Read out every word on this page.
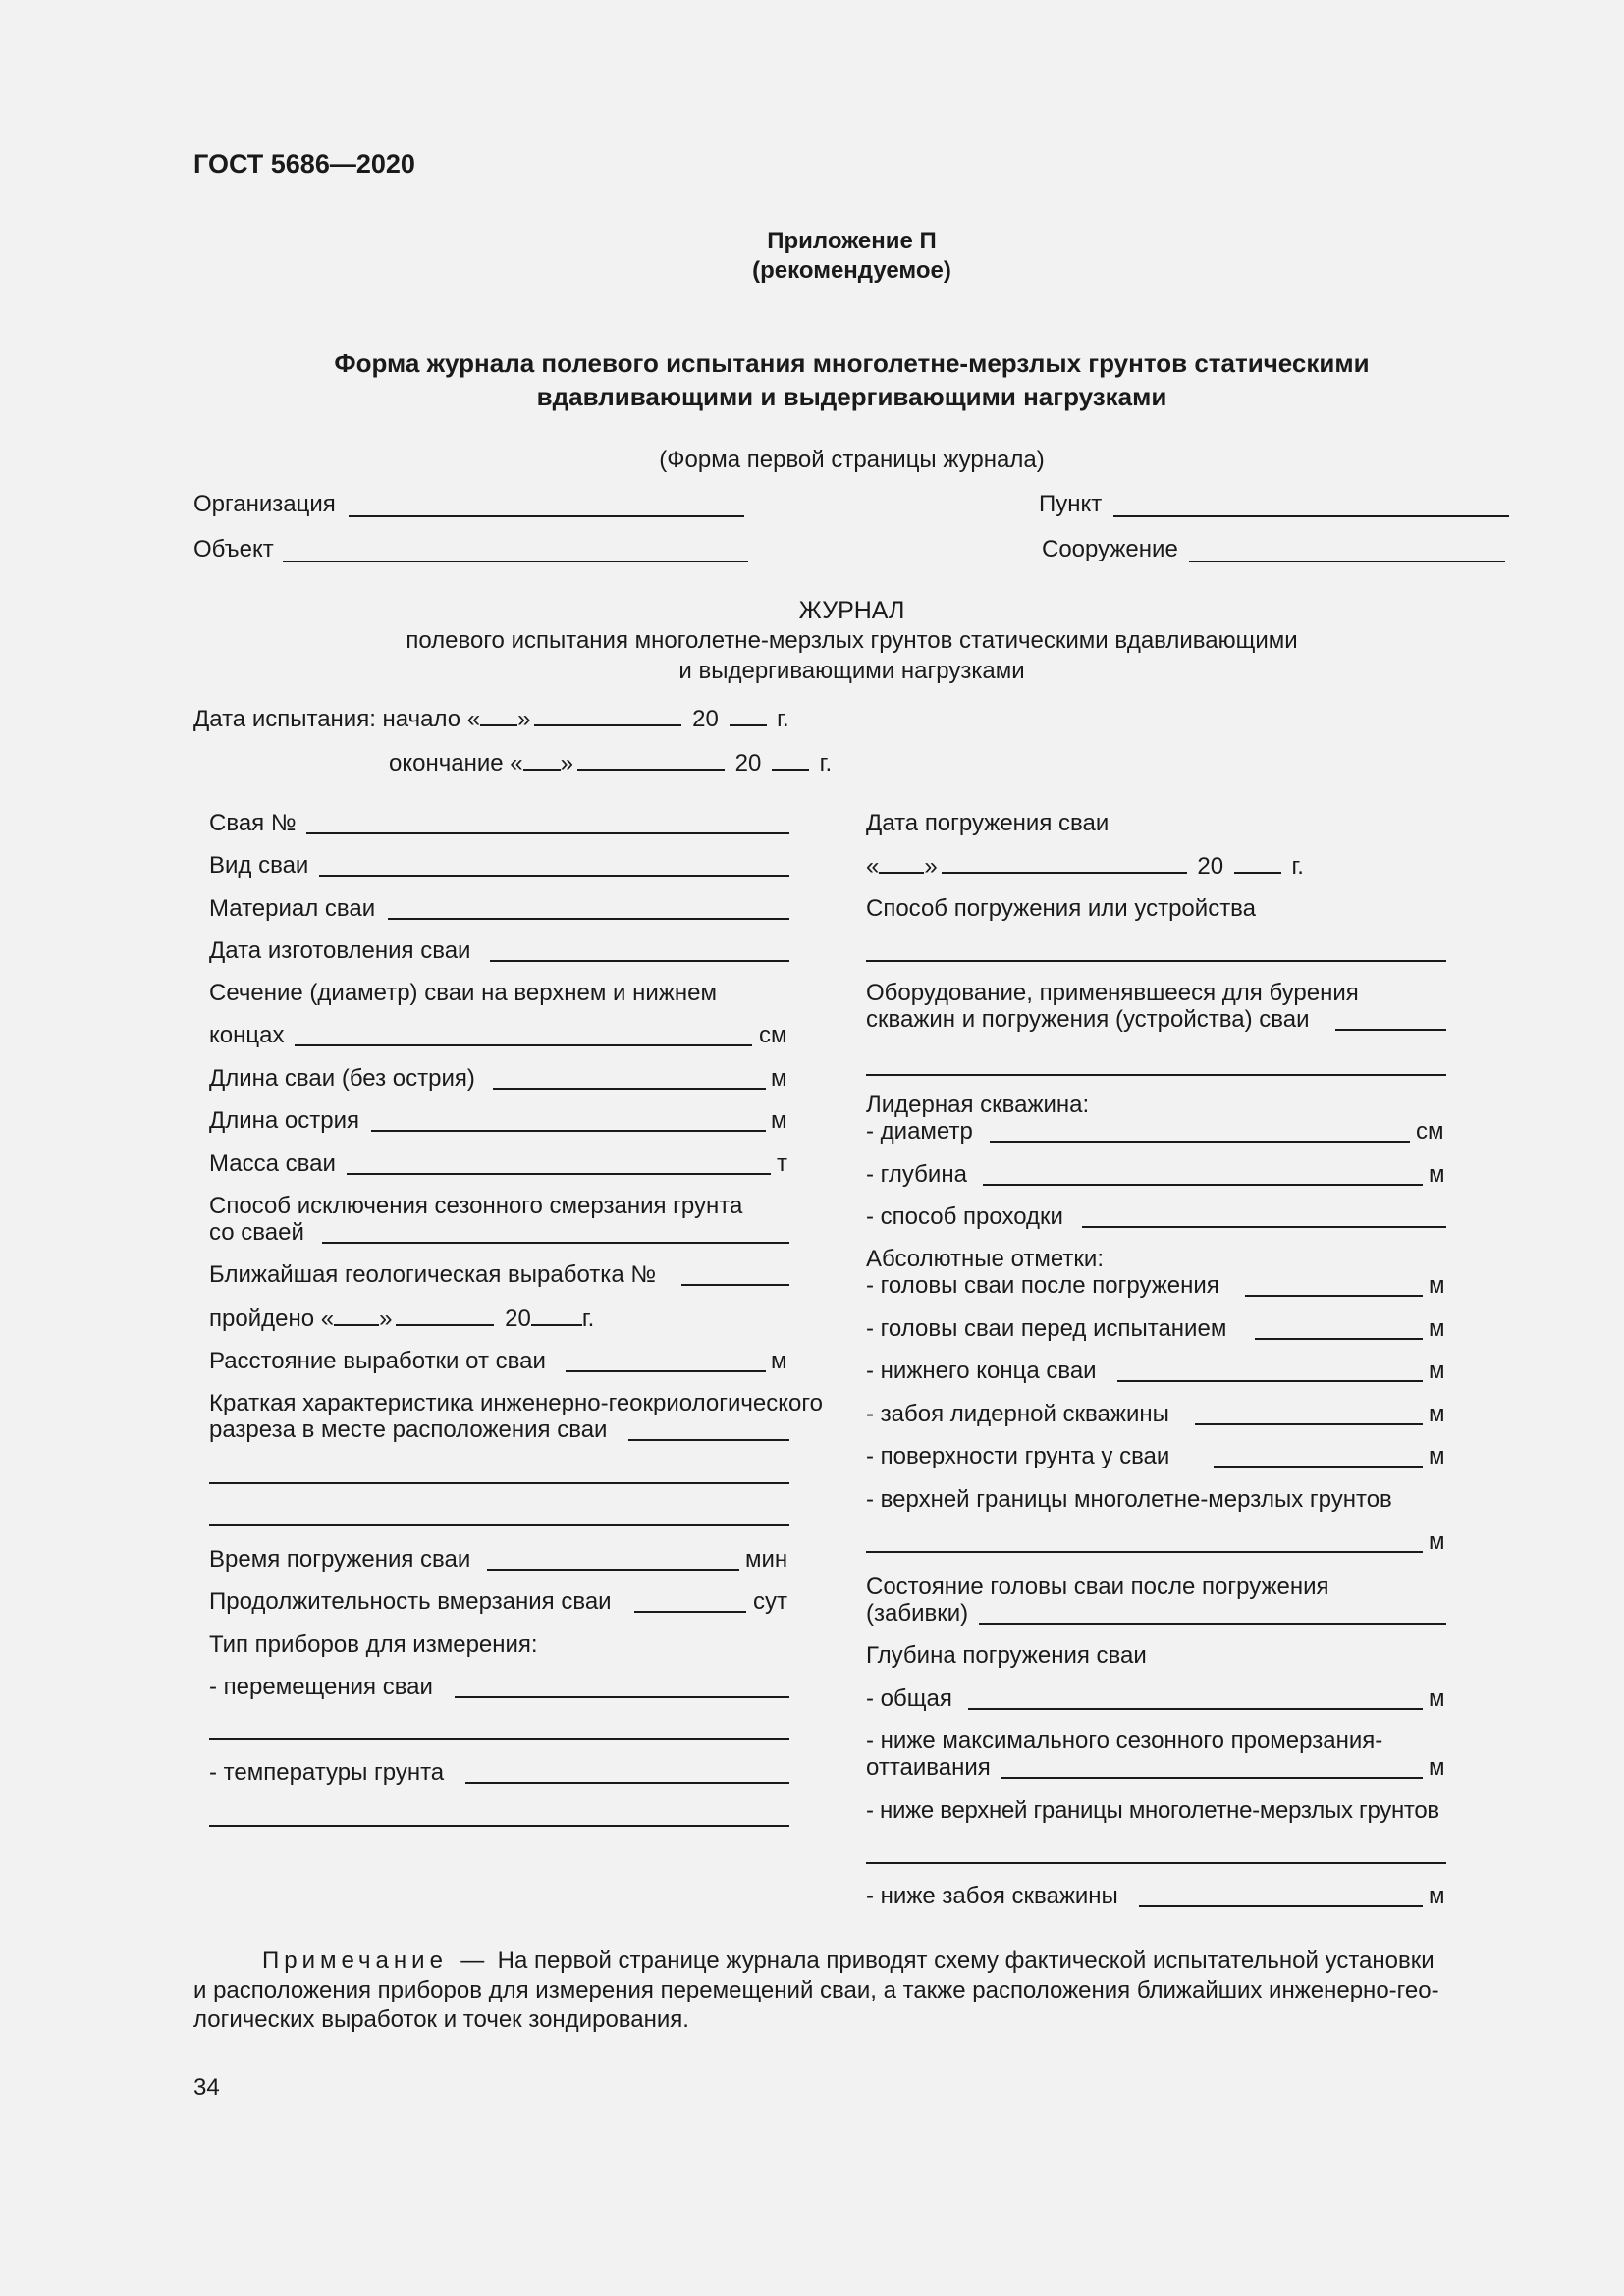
ГОСТ 5686—2020
Приложение П
(рекомендуемое)
Форма журнала полевого испытания многолетне-мерзлых грунтов статическими
вдавливающими и выдергивающими нагрузками
(Форма первой страницы журнала)
Организация	Пункт
Объект	Сооружение
ЖУРНАЛ
полевого испытания многолетне-мерзлых грунтов статическими вдавливающими
и выдергивающими нагрузками
Дата испытания: начало « »	20 г.
окончание « »	20 г.
Свая №
Вид сваи
Материал сваи
Дата изготовления сваи
Сечение (диаметр) сваи на верхнем и нижнем
концах	см
Длина сваи (без острия)	м
Длина острия	м
Масса сваи	т
Способ исключения сезонного смерзания грунта
со сваей
Ближайшая геологическая выработка №
пройдено « »	20 г.
Расстояние выработки от сваи	м
Краткая характеристика инженерно-геокриологического
разреза в месте расположения сваи
Время погружения сваи	мин
Продолжительность вмерзания сваи	сут
Тип приборов для измерения:
- перемещения сваи
- температуры грунта
Дата погружения сваи
« »	20	г.
Способ погружения или устройства
Оборудование, применявшееся для бурения
скважин и погружения (устройства) сваи
Лидерная скважина:
- диаметр	см
- глубина	м
- способ проходки
Абсолютные отметки:
- головы сваи после погружения	м
- головы сваи перед испытанием	м
- нижнего конца сваи	м
- забоя лидерной скважины	м
- поверхности грунта у сваи	м
- верхней границы многолетне-мерзлых грунтов
м
Состояние головы сваи после погружения
(забивки)
Глубина погружения сваи
- общая	м
- ниже максимального сезонного промерзания-
оттаивания	м
- ниже верхней границы многолетне-мерзлых грунтов
- ниже забоя скважины	м
Примечание — На первой странице журнала приводят схему фактической испытательной установки
и расположения приборов для измерения перемещений сваи, а также расположения ближайших инженерно-гео-
логических выработок и точек зондирования.
34
